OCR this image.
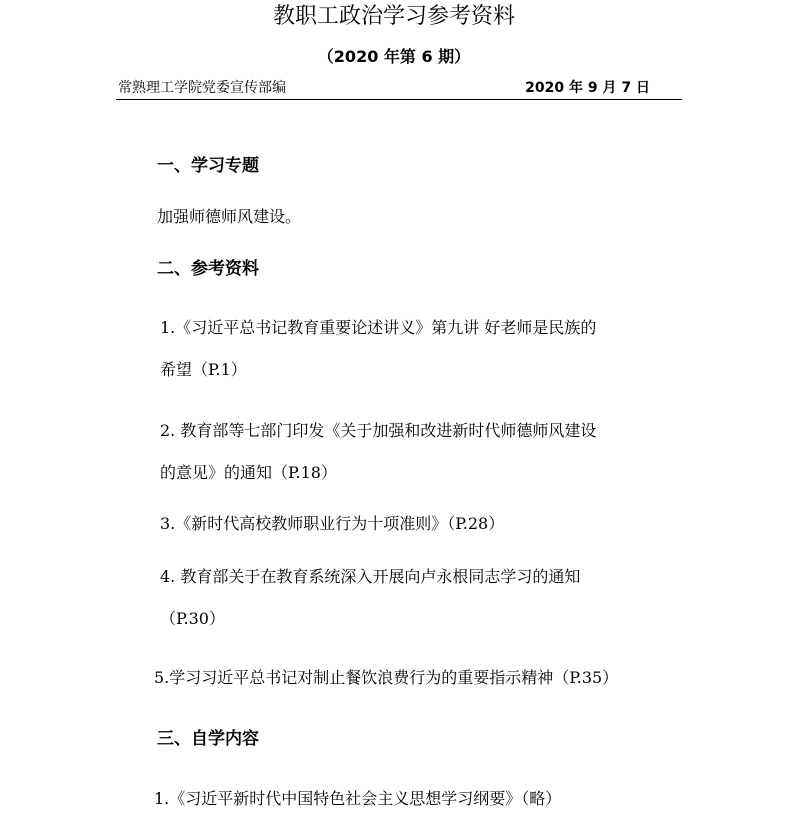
教职工政治学习参考资料
（2020 年第 6 期）
常熟理工学院党委宣传部编	2020 年 9 月 7 日
一、学习专题
加强师德师风建设。
二、参考资料
1.《习近平总书记教育重要论述讲义》第九讲 好老师是民族的
希望（P.1）
2. 教育部等七部门印发《关于加强和改进新时代师德师风建设
的意见》的通知（P.18）
3.《新时代高校教师职业行为十项准则》（P.28）
4. 教育部关于在教育系统深入开展向卢永根同志学习的通知
（P.30）
5.学习习近平总书记对制止餐饮浪费行为的重要指示精神（P.35）
三、自学内容
1.《习近平新时代中国特色社会主义思想学习纲要》（略）
